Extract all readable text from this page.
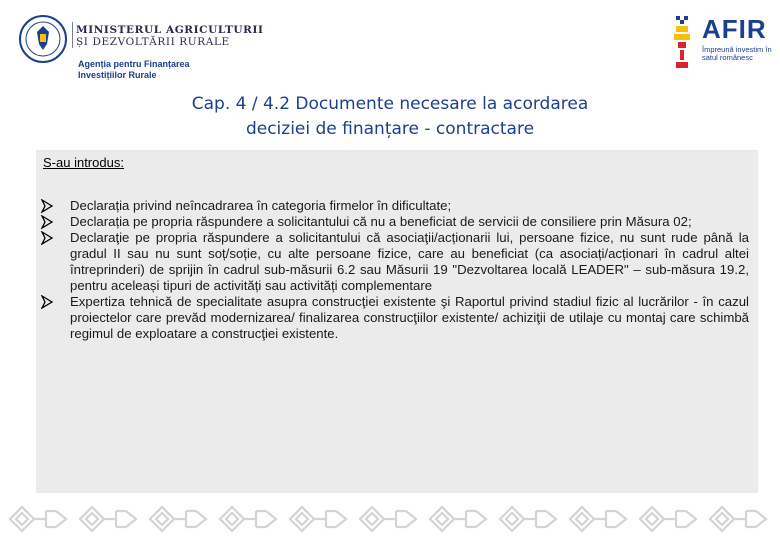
MINISTERUL AGRICULTURII
ȘI DEZVOLTĂRII RURALE
Agenția pentru Finanțarea
Investițiilor Rurale
AFIR
Împreună investim în satul românesc
Cap. 4 / 4.2 Documente necesare la acordarea
deciziei de finanțare - contractare
S-au introdus:
Declarația privind neîncadrarea în categoria firmelor în dificultate;
Declarația pe propria răspundere a solicitantului că nu a beneficiat de servicii de consiliere prin Măsura 02;
Declaraţie pe propria răspundere a solicitantului că asociaţii/acționarii lui, persoane fizice, nu sunt rude până la gradul II sau nu sunt soț/soție, cu alte persoane fizice, care au beneficiat (ca asociați/acționari în cadrul altei întreprinderi) de sprijin în cadrul sub-măsurii 6.2 sau Măsurii 19 "Dezvoltarea locală LEADER" – sub-măsura 19.2, pentru aceleași tipuri de activități sau activități complementare
Expertiza tehnică de specialitate asupra construcţiei existente şi Raportul privind stadiul fizic al lucrărilor - în cazul proiectelor care prevăd modernizarea/ finalizarea construcţiilor existente/ achiziţii de utilaje cu montaj care schimbă regimul de exploatare a construcţiei existente.
